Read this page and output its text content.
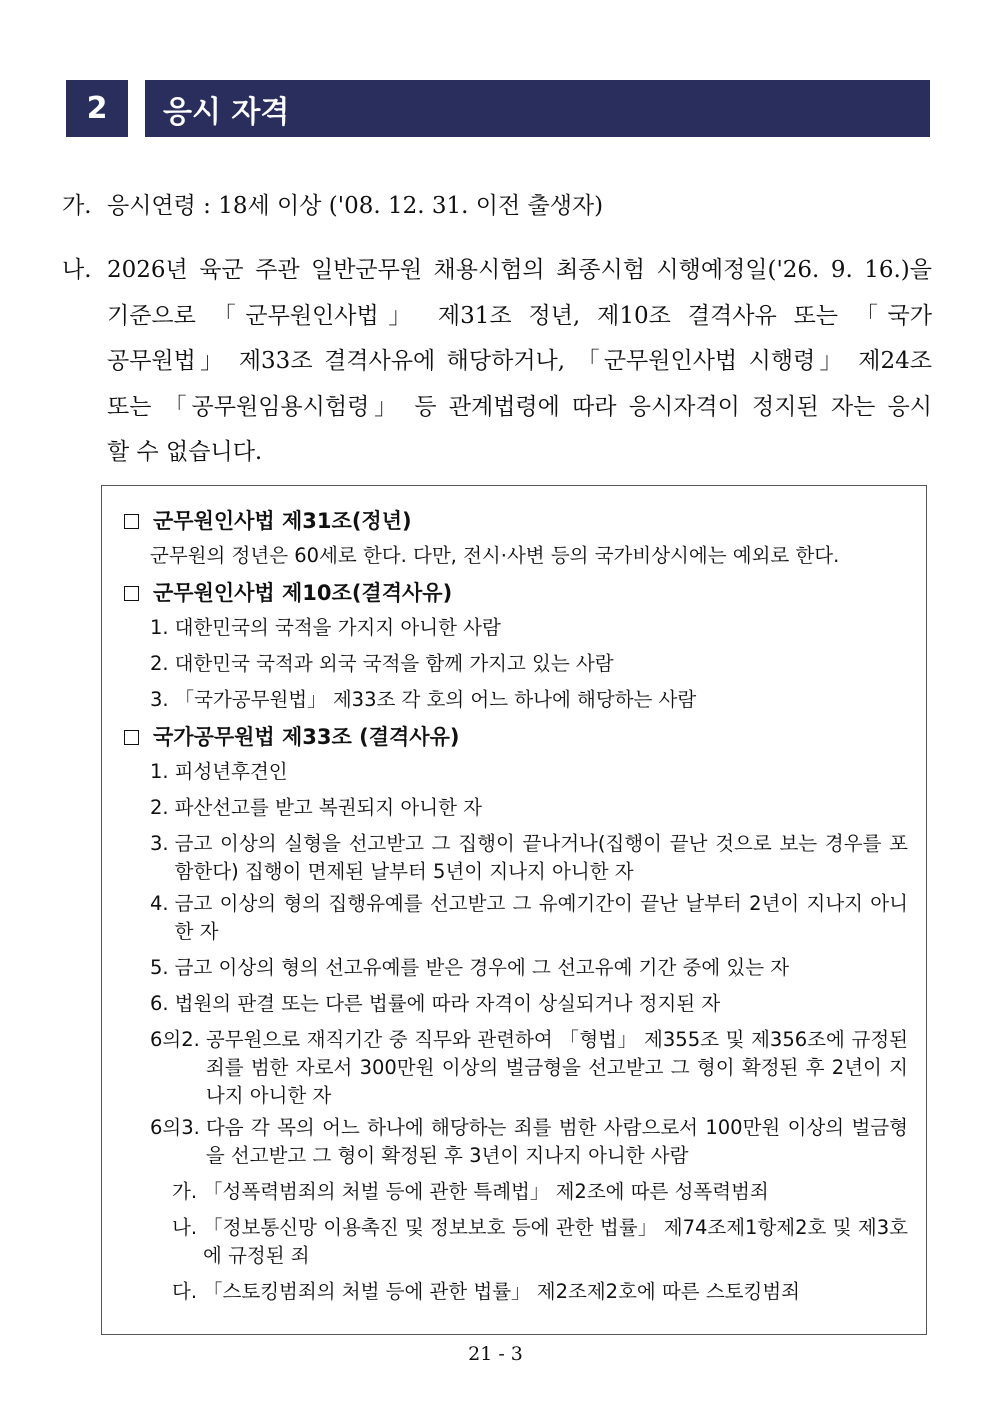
2	응시 자격
가. 응시연령 : 18세 이상 ('08. 12. 31. 이전 출생자)
나. 2026년 육군 주관 일반군무원 채용시험의 최종시험 시행예정일('26. 9. 16.)을
기준으로 「군무원인사법」 제31조 정년, 제10조 결격사유 또는 「국가
공무원법」 제33조 결격사유에 해당하거나, 「군무원인사법 시행령」 제24조
또는 「공무원임용시험령」 등 관계법령에 따라 응시자격이 정지된 자는 응시
할 수 없습니다.
군무원인사법 제31조(정년)
군무원의 정년은 60세로 한다. 다만, 전시·사변 등의 국가비상시에는 예외로 한다.
군무원인사법 제10조(결격사유)
1. 대한민국의 국적을 가지지 아니한 사람
2. 대한민국 국적과 외국 국적을 함께 가지고 있는 사람
3. 「국가공무원법」 제33조 각 호의 어느 하나에 해당하는 사람
국가공무원법 제33조 (결격사유)
1. 피성년후견인
2. 파산선고를 받고 복권되지 아니한 자
3. 금고 이상의 실형을 선고받고 그 집행이 끝나거나(집행이 끝난 것으로 보는 경우를 포함한다) 집행이 면제된 날부터 5년이 지나지 아니한 자
4. 금고 이상의 형의 집행유예를 선고받고 그 유예기간이 끝난 날부터 2년이 지나지 아니한 자
5. 금고 이상의 형의 선고유예를 받은 경우에 그 선고유예 기간 중에 있는 자
6. 법원의 판결 또는 다른 법률에 따라 자격이 상실되거나 정지된 자
6의2. 공무원으로 재직기간 중 직무와 관련하여 「형법」 제355조 및 제356조에 규정된 죄를 범한 자로서 300만원 이상의 벌금형을 선고받고 그 형이 확정된 후 2년이 지나지 아니한 자
6의3. 다음 각 목의 어느 하나에 해당하는 죄를 범한 사람으로서 100만원 이상의 벌금형을 선고받고 그 형이 확정된 후 3년이 지나지 아니한 사람
가. 「성폭력범죄의 처벌 등에 관한 특례법」 제2조에 따른 성폭력범죄
나. 「정보통신망 이용촉진 및 정보보호 등에 관한 법률」 제74조제1항제2호 및 제3호에 규정된 죄
다. 「스토킹범죄의 처벌 등에 관한 법률」 제2조제2호에 따른 스토킹범죄
21 - 3
